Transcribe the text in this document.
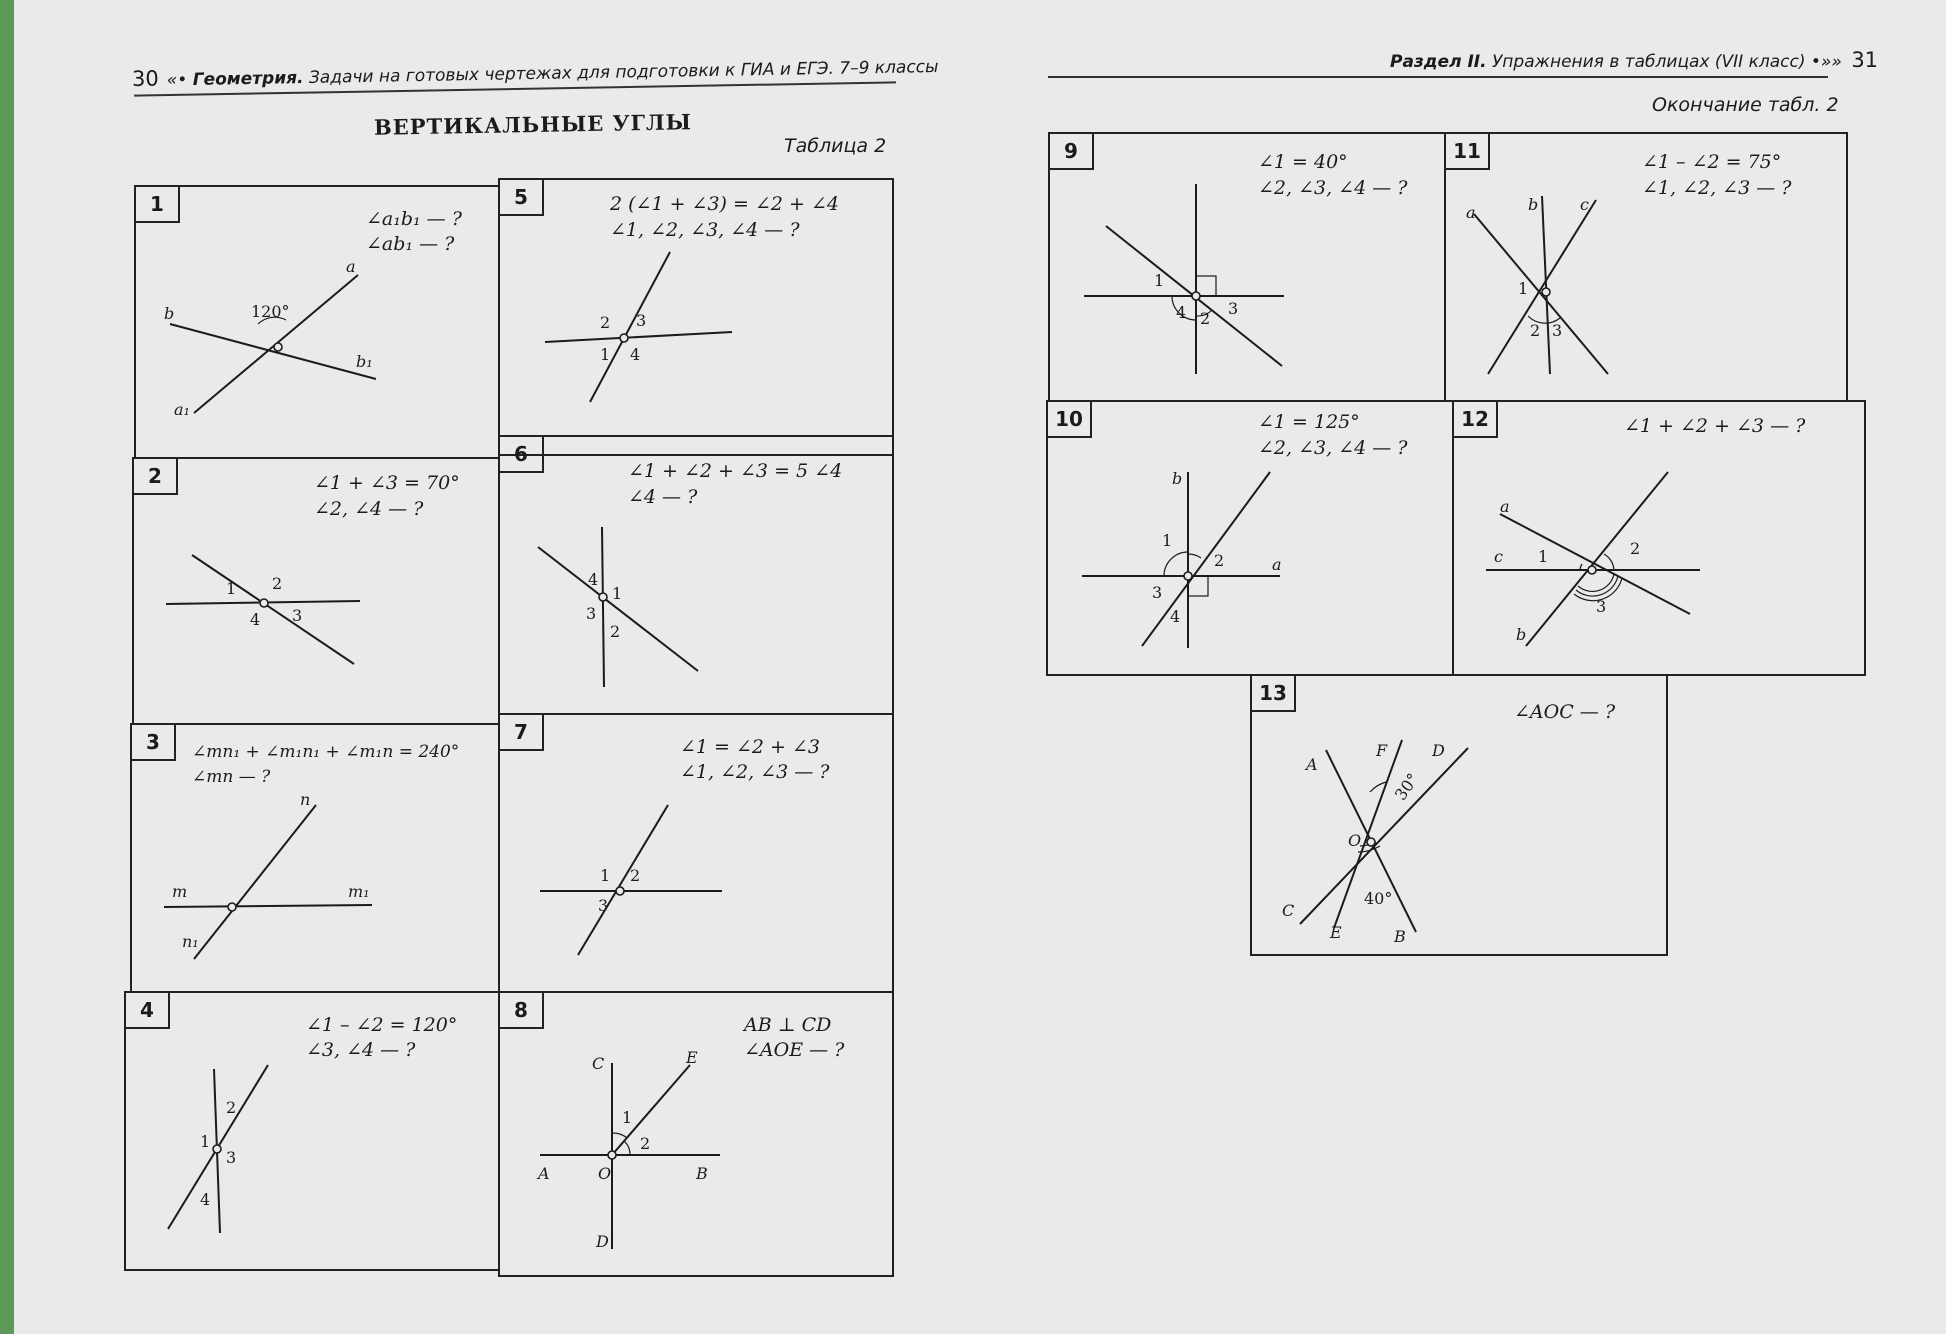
30 «• Геометрия. Задачи на готовых чертежах для подготовки к ГИА и ЕГЭ. 7–9 классы
ВЕРТИКАЛЬНЫЕ УГЛЫ
Таблица 2
1
∠a₁b₁ — ?
∠ab₁ — ?
a
b
b₁
a₁
120°
5	2 (∠1 + ∠3) = ∠2 + ∠4
∠1, ∠2, ∠3, ∠4 — ?
2 3
1 4
2	∠1 + ∠3 = 70°
∠2, ∠4 — ?
1 2
3
4
6
∠1 + ∠2 + ∠3 = 5 ∠4
∠4 — ?
4
1
3
2
3	∠mn₁ + ∠m₁n₁ + ∠m₁n = 240°
∠mn — ?
n
m	m₁
n₁
7
∠1 = ∠2 + ∠3
∠1, ∠2, ∠3 — ?
1 2
3
4
∠1 – ∠2 = 120°
∠3, ∠4 — ?
2
1
3
4
8
AB ⊥ CD
∠AOE — ?
C	E
1
2
A	O	B
D
Раздел II. Упражнения в таблицах (VII класс) •»» 31
Окончание табл. 2
9	∠1 = 40°
∠2, ∠3, ∠4 — ?
1
4 2
3
11	∠1 – ∠2 = 75°
∠1, ∠2, ∠3 — ?
a	b	c
1
2 3
10	∠1 = 125°
∠2, ∠3, ∠4 — ?
b
1
2	a
3
4
12	∠1 + ∠2 + ∠3 — ?
a
c 1	2
3
b
13
∠AOC — ?
A
F	D
30°
O
40°
C
E	B
